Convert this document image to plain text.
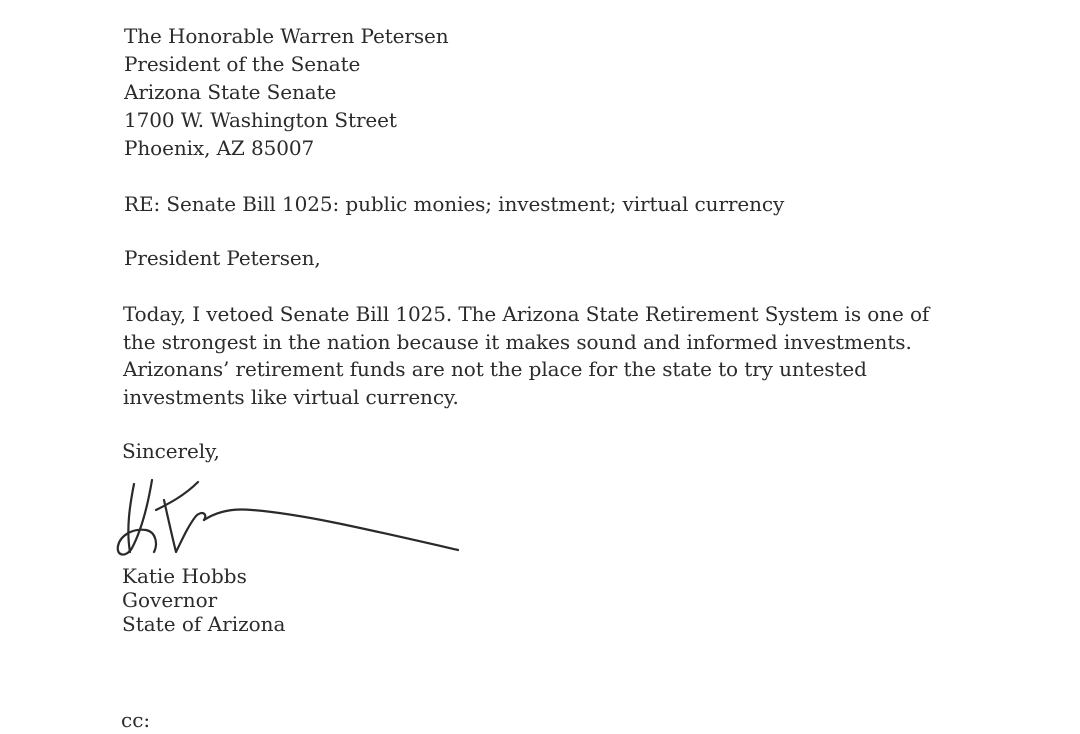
The Honorable Warren Petersen
President of the Senate
Arizona State Senate
1700 W. Washington Street
Phoenix, AZ 85007
RE: Senate Bill 1025: public monies; investment; virtual currency
President Petersen,
Today, I vetoed Senate Bill 1025. The Arizona State Retirement System is one of the strongest in the nation because it makes sound and informed investments. Arizonans’ retirement funds are not the place for the state to try untested investments like virtual currency.
Sincerely,
Katie Hobbs
Governor
State of Arizona
cc:
